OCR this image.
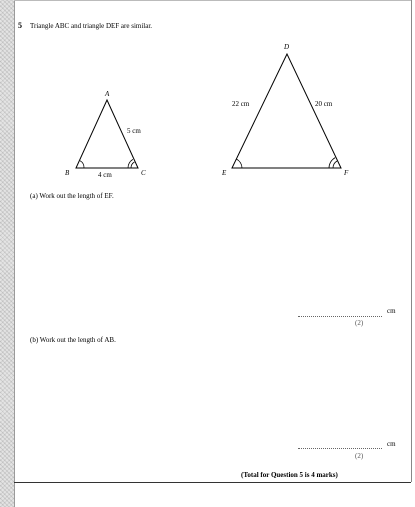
5 Triangle ABC and triangle DEF are similar.
A
B	C
5 cm
4 cm
D
E	F
22 cm	20 cm
(a) Work out the length of EF.
cm
(2)
(b) Work out the length of AB.
cm
(2)
(Total for Question 5 is 4 marks)
